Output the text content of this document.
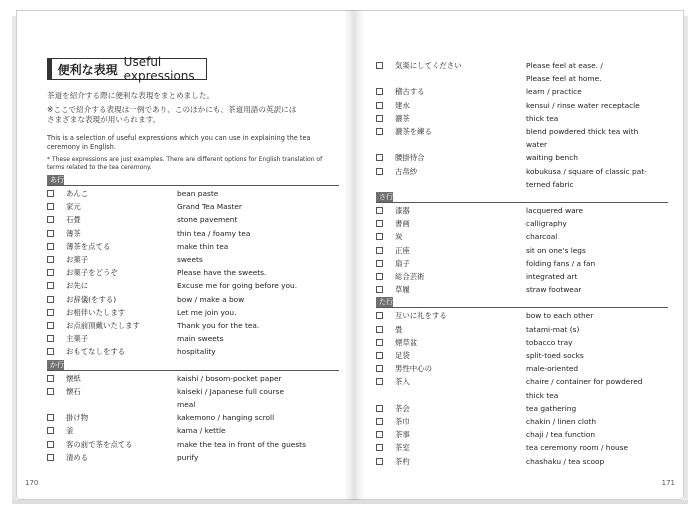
便利な表現
Useful expressions
茶道を紹介する際に便利な表現をまとめました。
※ここで紹介する表現は一例であり、このほかにも、茶道用語の英訳には
さまざまな表現が用いられます。
This is a selection of useful expressions which you can use in explaining the tea
ceremony in English.
* These expressions are just examples. There are different options for English translation of
terms related to the tea ceremony.
あ行
あんこ	bean paste
家元	Grand Tea Master
石畳	stone pavement
薄茶	thin tea / foamy tea
薄茶を点てる	make thin tea
お菓子	sweets
お菓子をどうぞ	Please have the sweets.
お先に	Excuse me for going before you.
お辞儀(をする)	bow / make a bow
お相伴いたします	Let me join you.
お点前頂戴いたします	Thank you for the tea.
主菓子	main sweets
おもてなしをする	hospitality
か行
懐紙	kaishi / bosom-pocket paper
懐石	kaiseki / Japanese full course
meal
掛け物	kakemono / hanging scroll
釜	kama / kettle
客の前で茶を点てる	make the tea in front of the guests
清める	purify
170
気楽にしてください	Please feel at ease. /
Please feel at home.
稽古する	learn / practice
建水	kensui / rinse water receptacle
濃茶	thick tea
濃茶を練る	blend powdered thick tea with
water
腰掛待合	waiting bench
古帛紗	kobukusa / square of classic pat-
terned fabric
さ行
漆器	lacquered ware
書画	calligraphy
炭	charcoal
正座	sit on one's legs
扇子	folding fans / a fan
総合芸術	integrated art
草履	straw footwear
た行
互いに礼をする	bow to each other
畳	tatami-mat (s)
煙草盆	tobacco tray
足袋	split-toed socks
男性中心の	male-oriented
茶入	chaire / container for powdered
thick tea
茶会	tea gathering
茶巾	chakin / linen cloth
茶事	chaji / tea function
茶室	tea ceremony room / house
茶杓	chashaku / tea scoop
171
